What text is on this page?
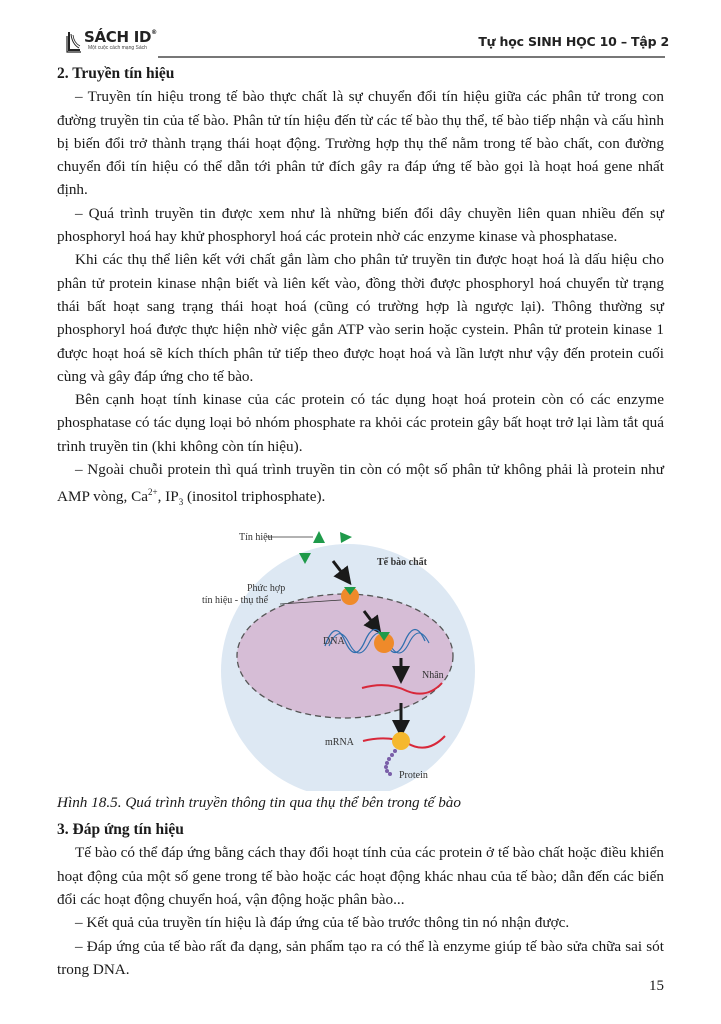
SÁCH ID®
Một cuộc cách mạng Sách	Tự học SINH HỌC 10 – Tập 2

2. Truyền tín hiệu

– Truyền tín hiệu trong tế bào thực chất là sự chuyển đổi tín hiệu giữa các phân tử trong con đường truyền tin của tế bào. Phân tử tín hiệu đến từ các tế bào thụ thể, tế bào tiếp nhận và cấu hình bị biến đổi trở thành trạng thái hoạt động. Trường hợp thụ thể nằm trong tế bào chất, con đường chuyển đổi tín hiệu có thể dẫn tới phân tử đích gây ra đáp ứng tế bào gọi là hoạt hoá gene nhất định.

– Quá trình truyền tin được xem như là những biến đổi dây chuyền liên quan nhiều đến sự phosphoryl hoá hay khử phosphoryl hoá các protein nhờ các enzyme kinase và phosphatase.

Khi các thụ thể liên kết với chất gắn làm cho phân tử truyền tin được hoạt hoá là dấu hiệu cho phân tử protein kinase nhận biết và liên kết vào, đồng thời được phosphoryl hoá chuyển từ trạng thái bất hoạt sang trạng thái hoạt hoá (cũng có trường hợp là ngược lại). Thông thường sự phosphoryl hoá được thực hiện nhờ việc gắn ATP vào serin hoặc cystein. Phân tử protein kinase 1 được hoạt hoá sẽ kích thích phân tử tiếp theo được hoạt hoá và lần lượt như vậy đến protein cuối cùng và gây đáp ứng cho tế bào.

Bên cạnh hoạt tính kinase của các protein có tác dụng hoạt hoá protein còn có các enzyme phosphatase có tác dụng loại bỏ nhóm phosphate ra khỏi các protein gây bất hoạt trở lại làm tắt quá trình truyền tin (khi không còn tín hiệu).

– Ngoài chuỗi protein thì quá trình truyền tin còn có một số phân tử không phải là protein như AMP vòng, $Ca^{2+}$, $IP_3$ (inositol triphosphate).

Tín hiệu
Phức hợp
tín hiệu - thụ thể
Tế bào chất
DNA
Nhân
mRNA
Protein

Hình 18.5. Quá trình truyền thông tin qua thụ thể bên trong tế bào

3. Đáp ứng tín hiệu

Tế bào có thể đáp ứng bằng cách thay đổi hoạt tính của các protein ở tế bào chất hoặc điều khiển hoạt động của một số gene trong tế bào hoặc các hoạt động khác nhau của tế bào; dẫn đến các biến đổi các hoạt động chuyển hoá, vận động hoặc phân bào...

– Kết quả của truyền tín hiệu là đáp ứng của tế bào trước thông tin nó nhận được.

– Đáp ứng của tế bào rất đa dạng, sản phẩm tạo ra có thể là enzyme giúp tế bào sửa chữa sai sót trong DNA.

15
